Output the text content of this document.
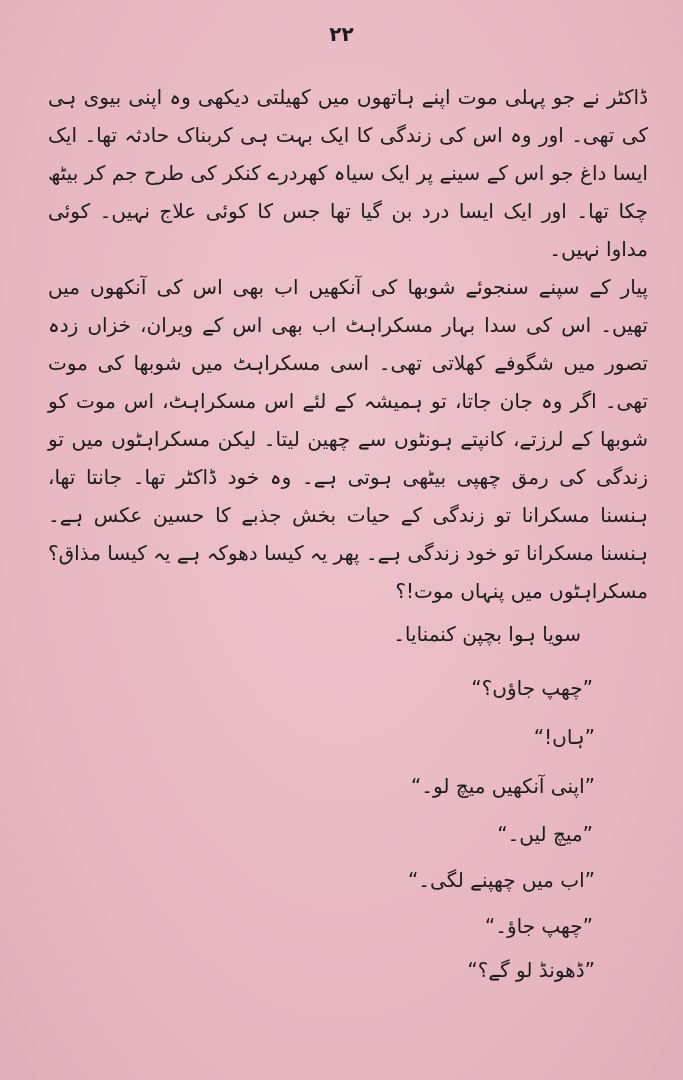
۲۲
ڈاکٹر نے جو پہلی موت اپنے ہاتھوں میں کھیلتی دیکھی وہ اپنی بیوی ہی کی تھی۔ اور وہ اس کی زندگی کا ایک بہت ہی کربناک حادثہ تھا۔ ایک ایسا داغ جو اس کے سینے پر ایک سیاہ کھردرے کنکر کی طرح جم کر بیٹھ چکا تھا۔ اور ایک ایسا درد بن گیا تھا جس کا کوئی علاج نہیں۔ کوئی مداوا نہیں۔
پیار کے سپنے سنجوئے شوبھا کی آنکھیں اب بھی اس کی آنکھوں میں تھیں۔ اس کی سدا بہار مسکراہٹ اب بھی اس کے ویران، خزاں زدہ تصور میں شگوفے کھلاتی تھی۔ اسی مسکراہٹ میں شوبھا کی موت تھی۔ اگر وہ جان جاتا، تو ہمیشہ کے لئے اس مسکراہٹ، اس موت کو شوبھا کے لرزتے، کانپتے ہونٹوں سے چھین لیتا۔ لیکن مسکراہٹوں میں تو زندگی کی رمق چھپی بیٹھی ہوتی ہے۔ وہ خود ڈاکٹر تھا۔ جانتا تھا، ہنسنا مسکرانا تو زندگی کے حیات بخش جذبے کا حسین عکس ہے۔ ہنسنا مسکرانا تو خود زندگی ہے۔ پھر یہ کیسا دھوکہ ہے یہ کیسا مذاق؟ مسکراہٹوں میں پنہاں موت!؟
سویا ہوا بچپن کنمنایا۔
”چھپ جاؤں؟“
”ہاں!“
”اپنی آنکھیں میچ لو۔“
”میچ لیں۔“
”اب میں چھپنے لگی۔“
”چھپ جاؤ۔“
”ڈھونڈ لو گے؟“
